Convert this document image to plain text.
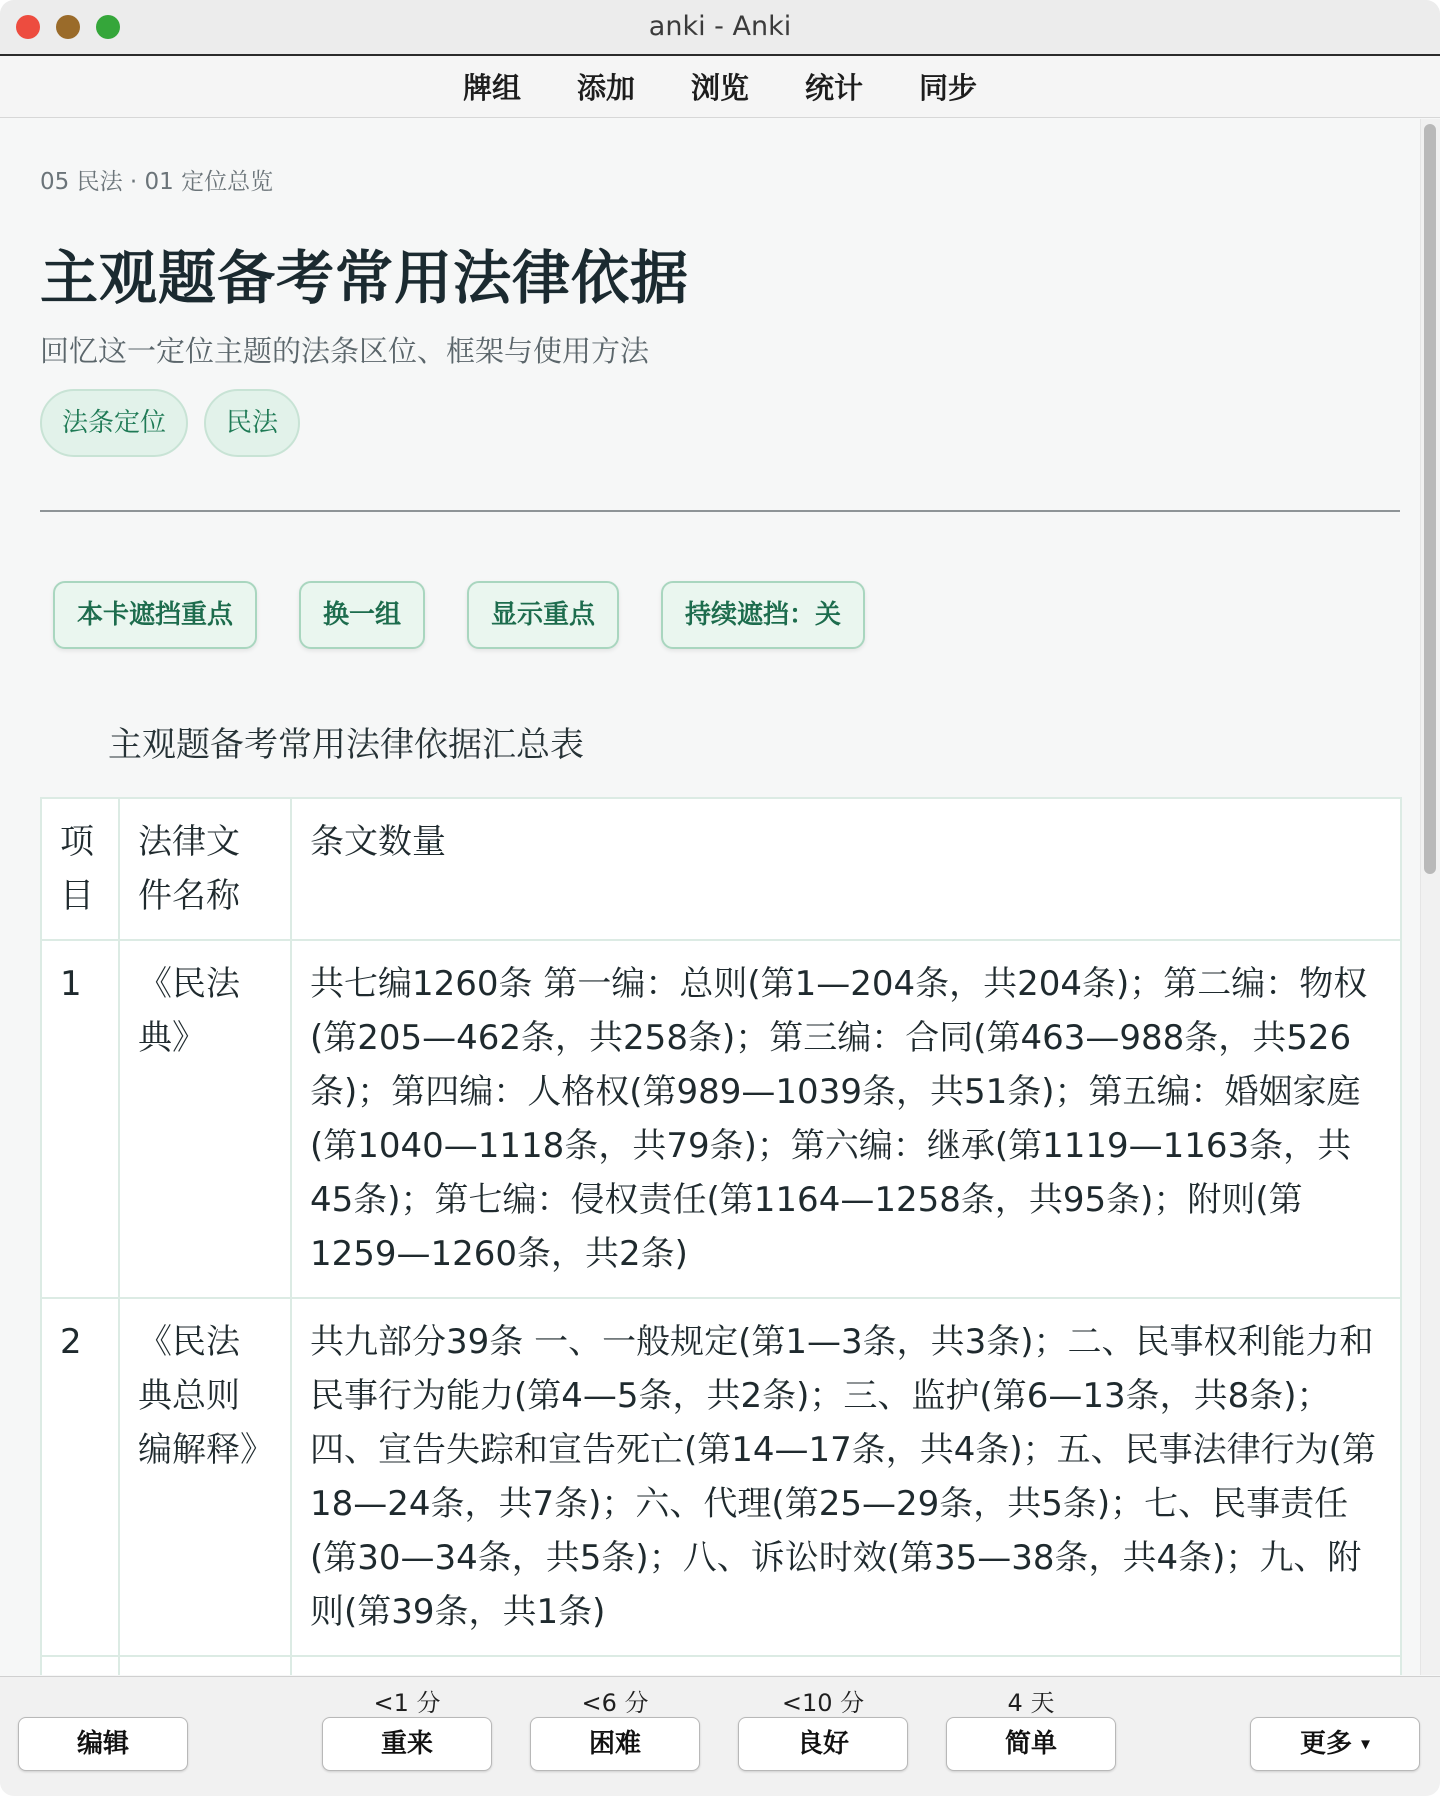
anki - Anki
牌组	添加	浏览	统计	同步
05 民法 · 01 定位总览
主观题备考常用法律依据
回忆这一定位主题的法条区位、框架与使用方法
法条定位	民法
本卡遮挡重点	换一组	显示重点	持续遮挡：关
主观题备考常用法律依据汇总表
项目	法律文件名称	条文数量
1	《民法典》	共七编1260条 第一编：总则(第1—204条，共204条)；第二编：物权(第205—462条，共258条)；第三编：合同(第463—988条，共526条)；第四编：人格权(第989—1039条，共51条)；第五编：婚姻家庭(第1040—1118条，共79条)；第六编：继承(第1119—1163条，共45条)；第七编：侵权责任(第1164—1258条，共95条)；附则(第1259—1260条，共2条)
2	《民法典总则编解释》	共九部分39条 一、一般规定(第1—3条，共3条)；二、民事权利能力和民事行为能力(第4—5条，共2条)；三、监护(第6—13条，共8条)；四、宣告失踪和宣告死亡(第14—17条，共4条)；五、民事法律行为(第18—24条，共7条)；六、代理(第25—29条，共5条)；七、民事责任(第30—34条，共5条)；八、诉讼时效(第35—38条，共4条)；九、附则(第39条，共1条)

编辑
<1 分
重来
<6 分
困难
<10 分
良好
4 天
简单	更多 ▾
